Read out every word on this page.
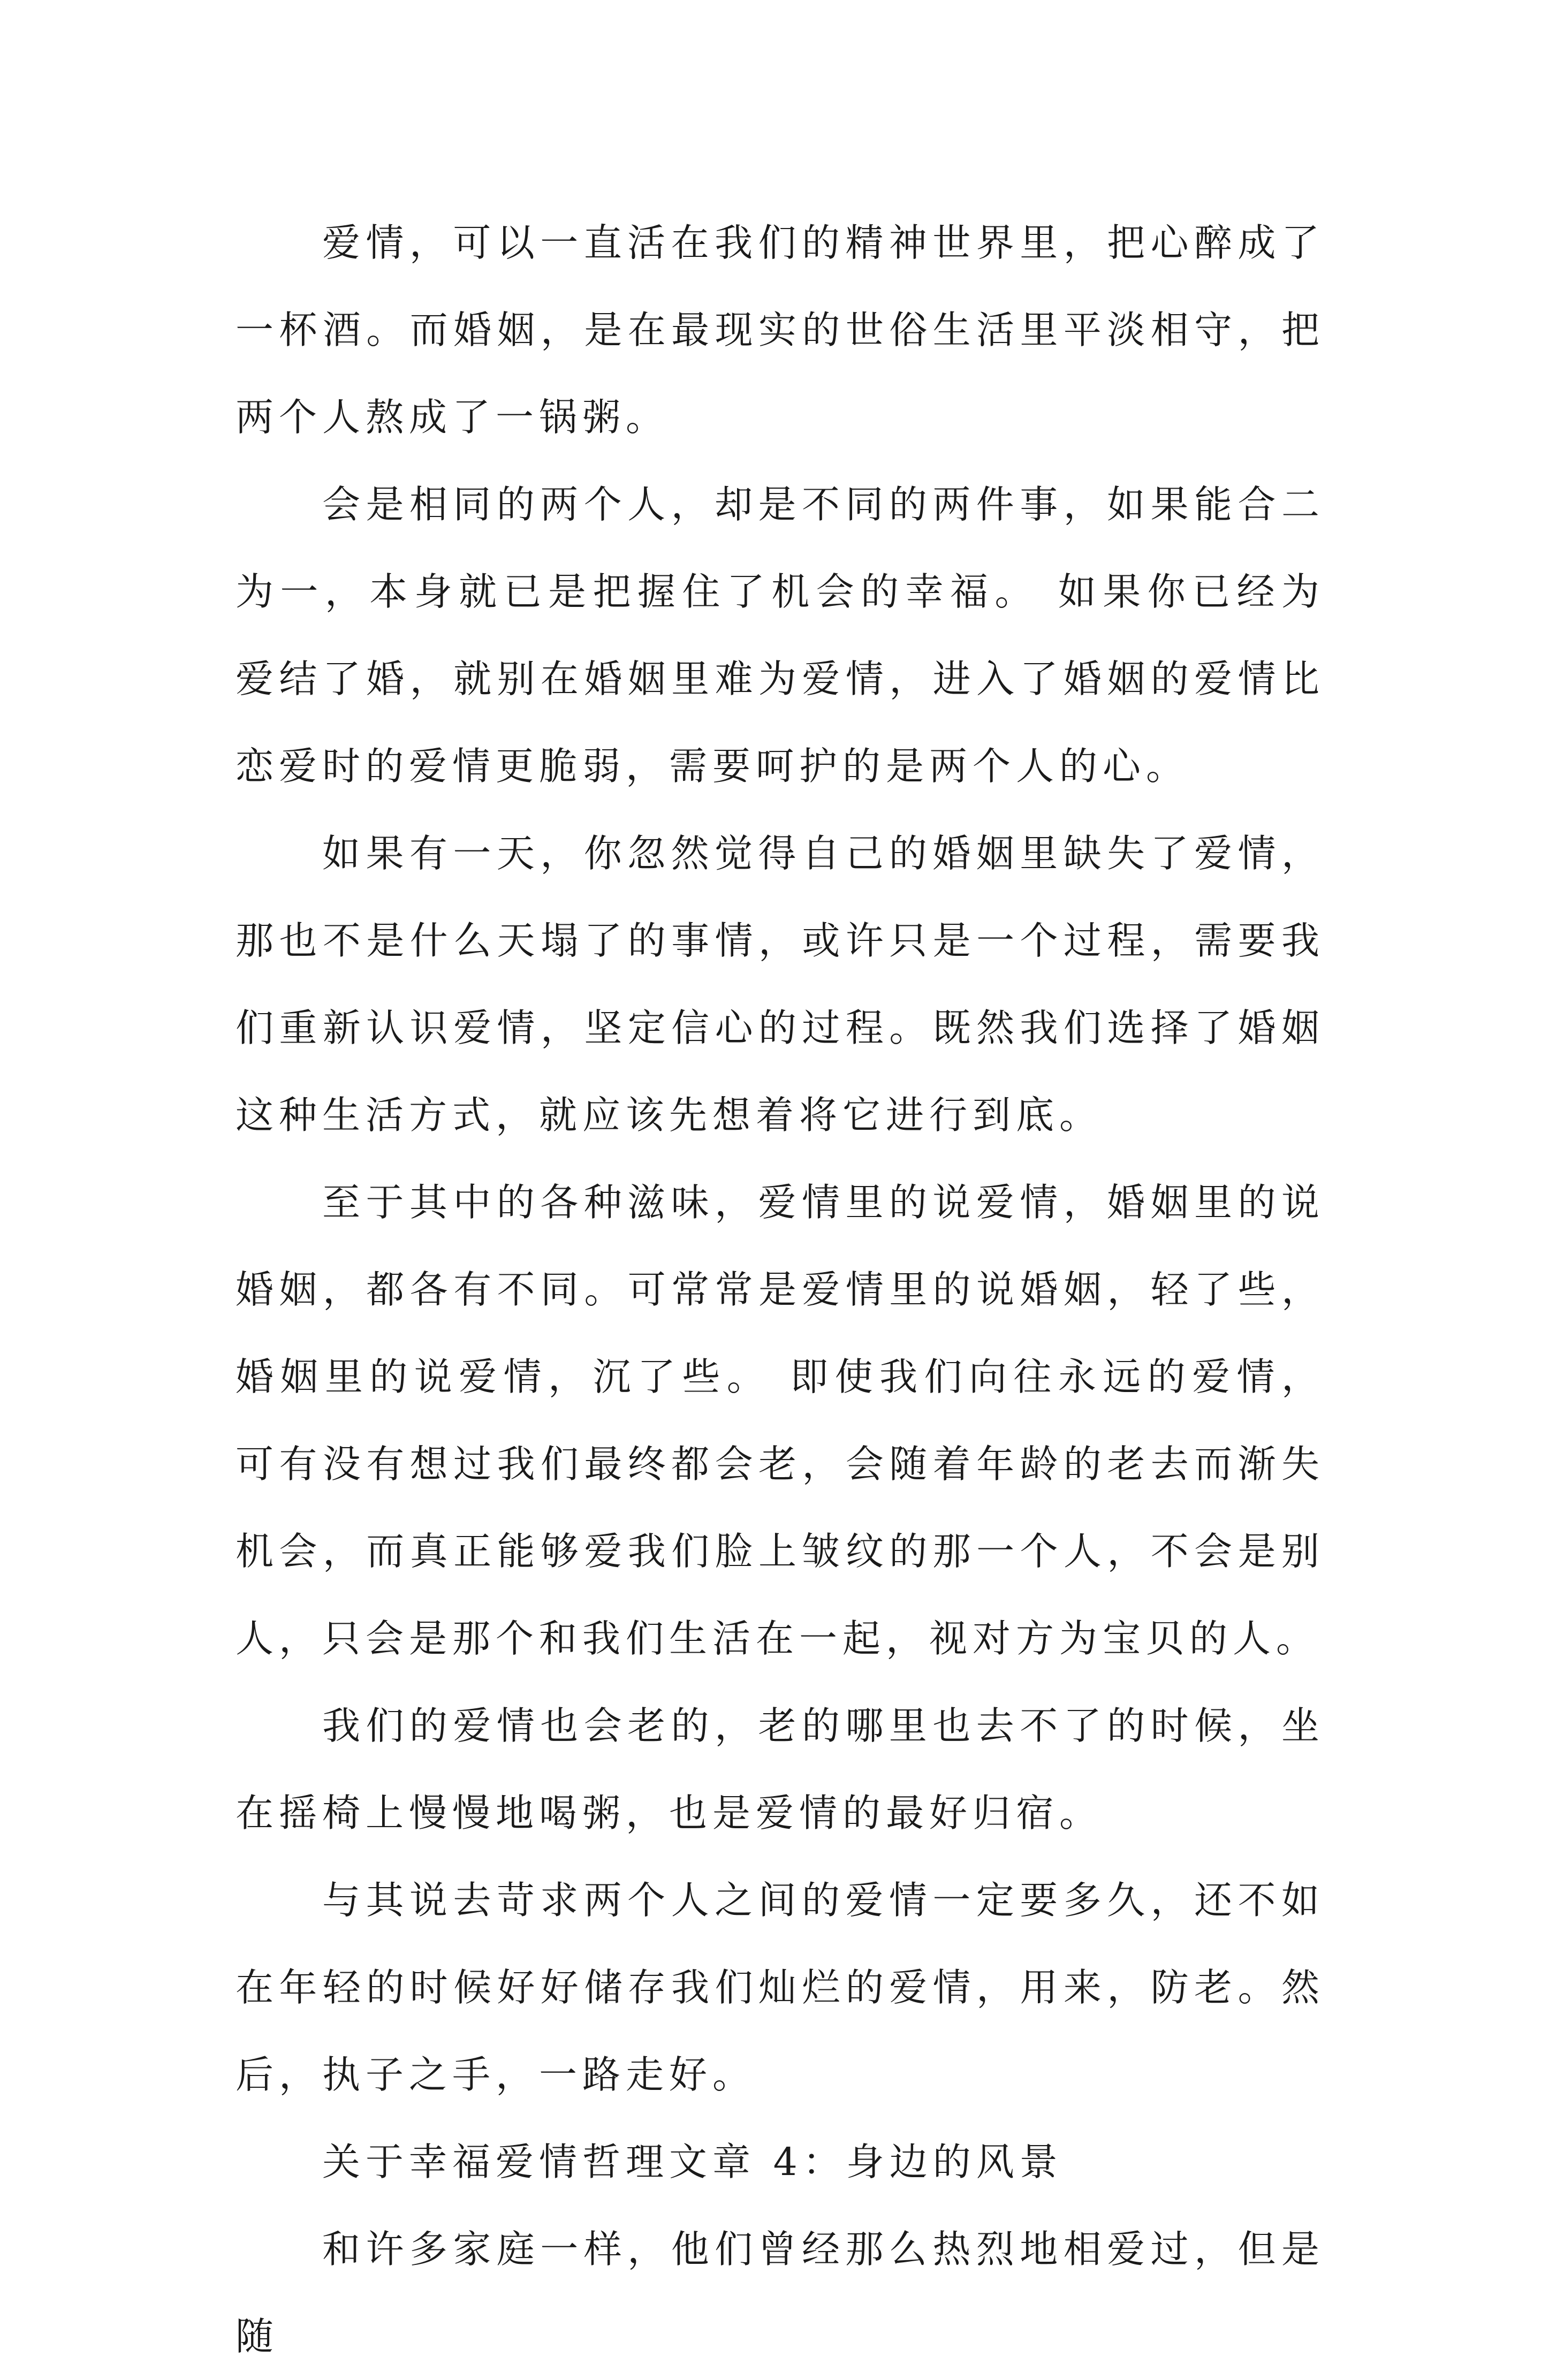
爱情，可以一直活在我们的精神世界里，把心醉成了一杯酒。而婚姻，是在最现实的世俗生活里平淡相守，把两个人熬成了一锅粥。

会是相同的两个人，却是不同的两件事，如果能合二为一，本身就已是把握住了机会的幸福。 如果你已经为爱结了婚，就别在婚姻里难为爱情，进入了婚姻的爱情比恋爱时的爱情更脆弱，需要呵护的是两个人的心。

如果有一天，你忽然觉得自己的婚姻里缺失了爱情，那也不是什么天塌了的事情，或许只是一个过程，需要我们重新认识爱情，坚定信心的过程。既然我们选择了婚姻这种生活方式，就应该先想着将它进行到底。

至于其中的各种滋味，爱情里的说爱情，婚姻里的说婚姻，都各有不同。可常常是爱情里的说婚姻，轻了些，婚姻里的说爱情，沉了些。 即使我们向往永远的爱情，可有没有想过我们最终都会老，会随着年龄的老去而渐失机会，而真正能够爱我们脸上皱纹的那一个人，不会是别人，只会是那个和我们生活在一起，视对方为宝贝的人。

我们的爱情也会老的，老的哪里也去不了的时候，坐在摇椅上慢慢地喝粥，也是爱情的最好归宿。

与其说去苛求两个人之间的爱情一定要多久，还不如在年轻的时候好好储存我们灿烂的爱情，用来，防老。然后，执子之手，一路走好。

关于幸福爱情哲理文章 4：身边的风景

和许多家庭一样，他们曾经那么热烈地相爱过，但是随
